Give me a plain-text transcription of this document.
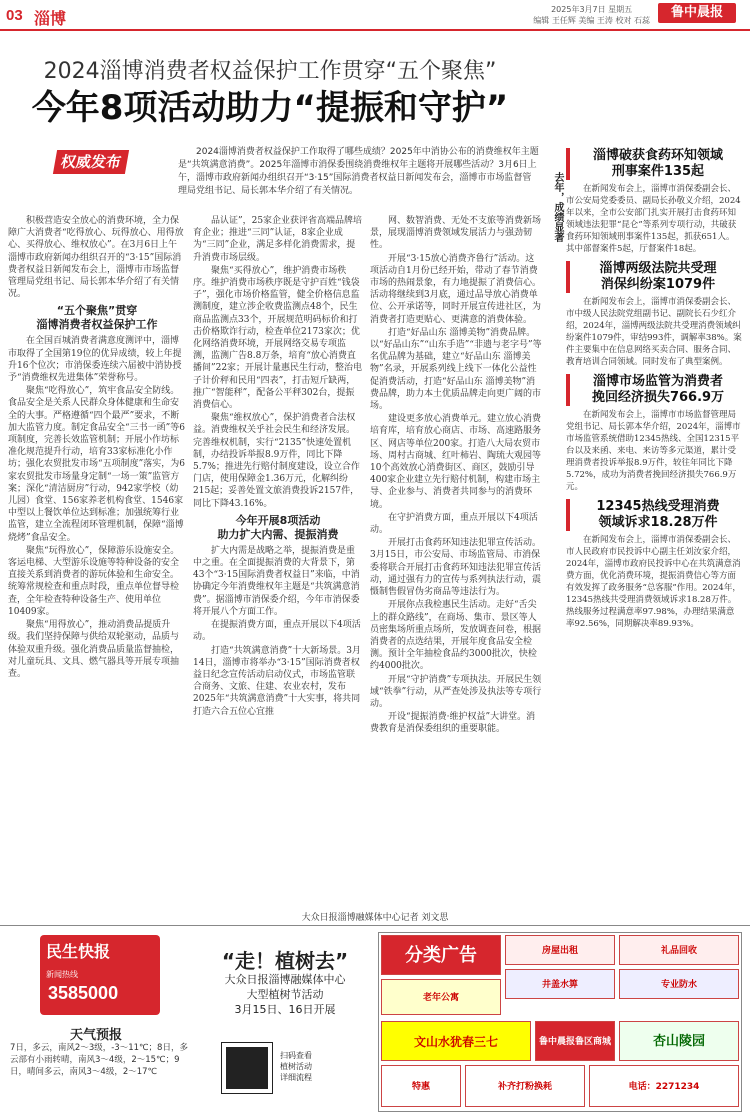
03 淄博	2025年3月7日 星期五
编辑 王任辉 美编 王涛 校对 石蕊
鲁中晨报
2024淄博消费者权益保护工作贯穿“五个聚焦”
今年8项活动助力“提振和守护”
权威发布
2024淄博消费者权益保护工作取得了哪些成绩？2025年中消协公布的消费维权年主题是“共筑满意消费”。2025年淄博市消保委围绕消费维权年主题将开展哪些活动？3月6日上午，淄博市政府新闻办组织召开“3·15”国际消费者权益日新闻发布会，淄博市市场监督管理局党组书记、局长郭本华介绍了有关情况。

积极营造安全放心的消费环境，全力保障广大消费者“吃得放心、玩得放心、用得放心、买得放心、维权放心”。在3月6日上午淄博市政府新闻办组织召开的“3·15”国际消费者权益日新闻发布会上，淄博市市场监督管理局党组书记、局长郭本华介绍了有关情况。

“五个聚焦”贯穿
淄博消费者权益保护工作

在全国百城消费者满意度测评中，淄博市取得了全国第19位的优异成绩，较上年提升16个位次；市消保委连续六届被中消协授予“消费维权先进集体”荣誉称号。

聚焦“吃得放心”，筑牢食品安全防线。食品安全是关系人民群众身体健康和生命安全的大事。严格遵循“四个最严”要求，不断加大监管力度。制定食品安全“三书一函”等6项制度，完善长效监管机制；开展小作坊标准化规范提升行动，培育33家标准化小作坊；强化农贸批发市场“五项制度”落实，为6家农贸批发市场量身定制“一场一策”监管方案；深化“清洁厨房”行动，942家学校（幼儿园）食堂、156家养老机构食堂、1546家中型以上餐饮单位达到标准；加强统筹行业监管，建立全流程闭环管理机制，保障“淄博烧烤”食品安全。

聚焦“玩得放心”，保障游乐设施安全。客运电梯、大型游乐设施等特种设备的安全直接关系到消费者的游玩体验和生命安全。统筹常规检查和重点时段，重点单位督导检查，全年检查特种设备生产、使用单位10409家。

聚焦“用得放心”，推动消费品提质升级。我们坚持保障与供给双轮驱动，品质与体验双重升级。强化消费品质量监督抽检，对儿童玩具、文具、燃气器具等开展专项抽查。

品认证”，25家企业获评省高端品牌培育企业；推进“三同”认证，8家企业成为“三同”企业，满足多样化消费需求，提升消费市场层级。

聚焦“买得放心”，维护消费市场秩序。维护消费市场秩序既是守护百姓“钱袋子”，强化市场价格监管，健全价格信息监测制度，建立涉企收费监测点48个，民生商品监测点33个，开展规范明码标价和打击价格欺诈行动，检查单位2173家次；优化网络消费环境，开展网络交易专项监测，监测广告8.8万条，培育“放心消费直播间”22家；开展计量惠民生行动，整治电子计价秤和民用“四表”，打击短斤缺两，推广“智能秤”，配备公平秤302台，提振消费信心。

聚焦“维权放心”，保护消费者合法权益。消费维权关乎社会民生和经济发展。完善维权机制，实行“2135”快速处置机制，办结投诉举报8.9万件，同比下降5.7%；推进先行赔付制度建设，设立合作门店，使用保障金1.36万元，化解纠纷215起；妥善处置文旅消费投诉2157件，同比下降43.16%。

今年开展8项活动
助力扩大内需、提振消费

扩大内需是战略之举，提振消费是重中之重。在全面提振消费的大背景下，第43个“3·15国际消费者权益日”来临，中消协确定今年消费维权年主题是“共筑满意消费”。据淄博市消保委介绍，今年市消保委将开展八个方面工作。

在提振消费方面，重点开展以下4项活动。

打造“共筑满意消费”十大新场景。3月14日，淄博市将举办“3·15”国际消费者权益日纪念宣传活动启动仪式，市场监管联合商务、文旅、住建、农业农村，发布2025年“共筑满意消费”十大实事，将共同打造六合五位心宜推

网、数智消费、无处不支旅等消费新场景，展现淄博消费领域发展活力与强劲韧性。

开展“3·15放心消费齐鲁行”活动。这项活动自1月份已经开始，带动了春节消费市场的热闹景象，有力地提振了消费信心。活动将继续到3月底，通过品导放心消费单位、公开承诺等，同时开展宣传进社区，为消费者打造更贴心、更满意的消费体验。

打造“好品山东 淄博美物”消费品牌。以“好品山东”“山东手造”“非遗与老字号”等名优品牌为基础，建立“好品山东 淄博美物”名录，开展系列线上线下一体化公益性促消费活动，打造“好品山东 淄博美物”消费品牌，助力本土优质品牌走向更广阔的市场。

建设更多放心消费单元。建立放心消费培育库，培育放心商店、市场、高速路服务区、网店等单位200家。打造八大局农贸市场、周村古商城、红叶柿岩、陶琉大观园等10个高效放心消费街区、商区，鼓励引导400家企业建立先行赔付机制，构建市场主导、企业参与、消费者共同参与的消费环境。

在守护消费方面，重点开展以下4项活动。

开展打击食药环知违法犯罪宣传活动。3月15日，市公安局、市场监管局、市消保委将联合开展打击食药环知违法犯罪宣传活动，通过强有力的宣传与系列执法行动，震慑制售假冒伪劣商品等违法行为。

开展你点我检惠民生活动。走好“舌尖上的群众路线”，在商场、集市、景区等人员密集场所重点场所，发放调查问卷，根据消费者的点选结果，开展年度食品安全检测。预计全年抽检食品约3000批次，快检约4000批次。

开展“守护消费”专项执法。开展民生领域“铁拳”行动，从严查处涉及执法等专项行动。

开设“提振消费·维护权益”大讲堂。消费教育是消保委组织的重要职能。

去年，成绩显著
淄博破获食药环知领域
刑事案件135起
在新闻发布会上，淄博市消保委副会长、市公安局党委委员、副局长孙敬义介绍，2024年以来，全市公安部门扎实开展打击食药环知领域违法犯罪“昆仑”等系列专项行动，共破获食药环知领域刑事案件135起，抓获651人。其中部督案件5起，厅督案件18起。
淄博两级法院共受理
消保纠纷案1079件
在新闻发布会上，淄博市消保委副会长、市中级人民法院党组副书记、副院长石少红介绍，2024年，淄博两级法院共受理消费领域纠纷案件1079件，审结993件，调解率38%。案件主要集中在信息网络买卖合同、服务合同、教育培训合同领域。同时发布了典型案例。
淄博市场监管为消费者
挽回经济损失766.9万
在新闻发布会上，淄博市市场监督管理局党组书记、局长郭本华介绍，2024年，淄博市市场监管系统借助12345热线、全国12315平台以及来函、来电、来访等多元渠道，累计受理消费者投诉举报8.9万件，较往年同比下降5.72%，成功为消费者挽回经济损失766.9万元。
12345热线受理消费
领域诉求18.28万件
在新闻发布会上，淄博市消保委副会长、市人民政府市民投诉中心副主任刘汝家介绍，2024年，淄博市政府民投诉中心在共筑满意消费方面，优化消费环境，提振消费信心等方面有效发挥了政务服务“总客服”作用。2024年，12345热线共受理消费领域诉求18.28万件。热线服务过程满意率97.98%，办理结果满意率92.56%，同期解决率89.93%。
大众日报淄博融媒体中心记者 刘文思
民生快报
新闻热线
3585000
天气预报
7日，多云，南风2～3级，-3～11℃；8日，多云部有小雨转晴，南风3～4级，2～15℃；9日，晴间多云，南风3～4级，2～17℃
“走！植树去”
大众日报淄博融媒体中心
大型植树节活动
3月15日、16日开展
扫码查看
植树活动
详细流程
分类广告	房屋出租	礼品回收
老年公寓
专业防水
井盖水箅
文山水犹春三七	鲁中晨报鲁区商城	杏山陵园
特惠	补齐打粉换耗	电话：2271234
